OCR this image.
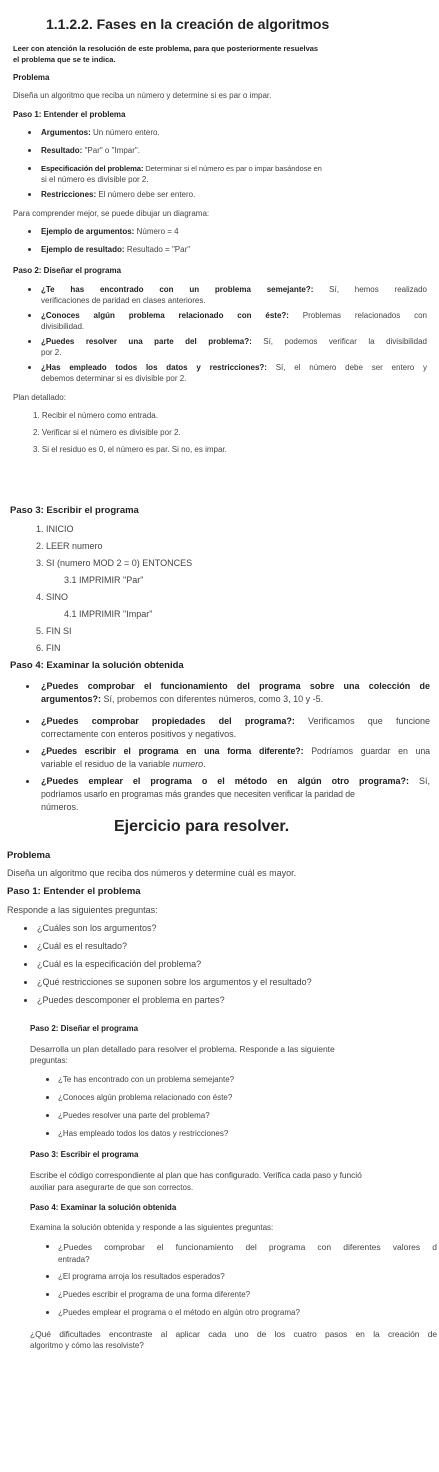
1.1.2.2. Fases en la creación de algoritmos
Leer con atención la resolución de este problema, para que posteriormente resuelvas
el problema que se te indica.
Problema
Diseña un algoritmo que reciba un número y determine si es par o impar.
Paso 1: Entender el problema
Argumentos: Un número entero.
Resultado: "Par" o "Impar".
Especificación del problema: Determinar si el número es par o impar basándose en
si el número es divisible por 2.
Restricciones: El número debe ser entero.
Para comprender mejor, se puede dibujar un diagrama:
Ejemplo de argumentos: Número = 4
Ejemplo de resultado: Resultado = "Par"
Paso 2: Diseñar el programa
¿Te has encontrado con un problema semejante?: Sí, hemos realizado
verificaciones de paridad en clases anteriores.
¿Conoces algún problema relacionado con éste?: Problemas relacionados con
divisibilidad.
¿Puedes resolver una parte del problema?: Sí, podemos verificar la divisibilidad
por 2.
¿Has empleado todos los datos y restricciones?: Sí, el número debe ser entero y
debemos determinar si es divisible por 2.
Plan detallado:
1. Recibir el número como entrada.
2. Verificar si el número es divisible por 2.
3. Si el residuo es 0, el número es par. Si no, es impar.
Paso 3: Escribir el programa
1. INICIO
2. LEER numero
3. SI (numero MOD 2 = 0) ENTONCES
3.1 IMPRIMIR "Par"
4. SINO
4.1 IMPRIMIR "Impar"
5. FIN SI
6. FIN
Paso 4: Examinar la solución obtenida
¿Puedes comprobar el funcionamiento del programa sobre una colección de
argumentos?: Sí, probemos con diferentes números, como 3, 10 y -5.
¿Puedes comprobar propiedades del programa?: Verificamos que funcione
correctamente con enteros positivos y negativos.
¿Puedes escribir el programa en una forma diferente?: Podríamos guardar en una
variable el residuo de la variable numero.
¿Puedes emplear el programa o el método en algún otro programa?: Sí,
podríamos usarlo en programas más grandes que necesiten verificar la paridad de
números.
Ejercicio para resolver.
Problema
Diseña un algoritmo que reciba dos números y determine cuál es mayor.
Paso 1: Entender el problema
Responde a las siguientes preguntas:
¿Cuáles son los argumentos?
¿Cuál es el resultado?
¿Cuál es la especificación del problema?
¿Qué restricciones se suponen sobre los argumentos y el resultado?
¿Puedes descomponer el problema en partes?
Paso 2: Diseñar el programa
Desarrolla un plan detallado para resolver el problema. Responde a las siguiente
preguntas:
¿Te has encontrado con un problema semejante?
¿Conoces algún problema relacionado con éste?
¿Puedes resolver una parte del problema?
¿Has empleado todos los datos y restricciones?
Paso 3: Escribir el programa
Escribe el código correspondiente al plan que has configurado. Verifica cada paso y funció
auxiliar para asegurarte de que son correctos.
Paso 4: Examinar la solución obtenida
Examina la solución obtenida y responde a las siguientes preguntas:
¿Puedes comprobar el funcionamiento del programa con diferentes valores d
entrada?
¿El programa arroja los resultados esperados?
¿Puedes escribir el programa de una forma diferente?
¿Puedes emplear el programa o el método en algún otro programa?
¿Qué dificultades encontraste al aplicar cada uno de los cuatro pasos en la creación de
algoritmo y cómo las resolviste?
